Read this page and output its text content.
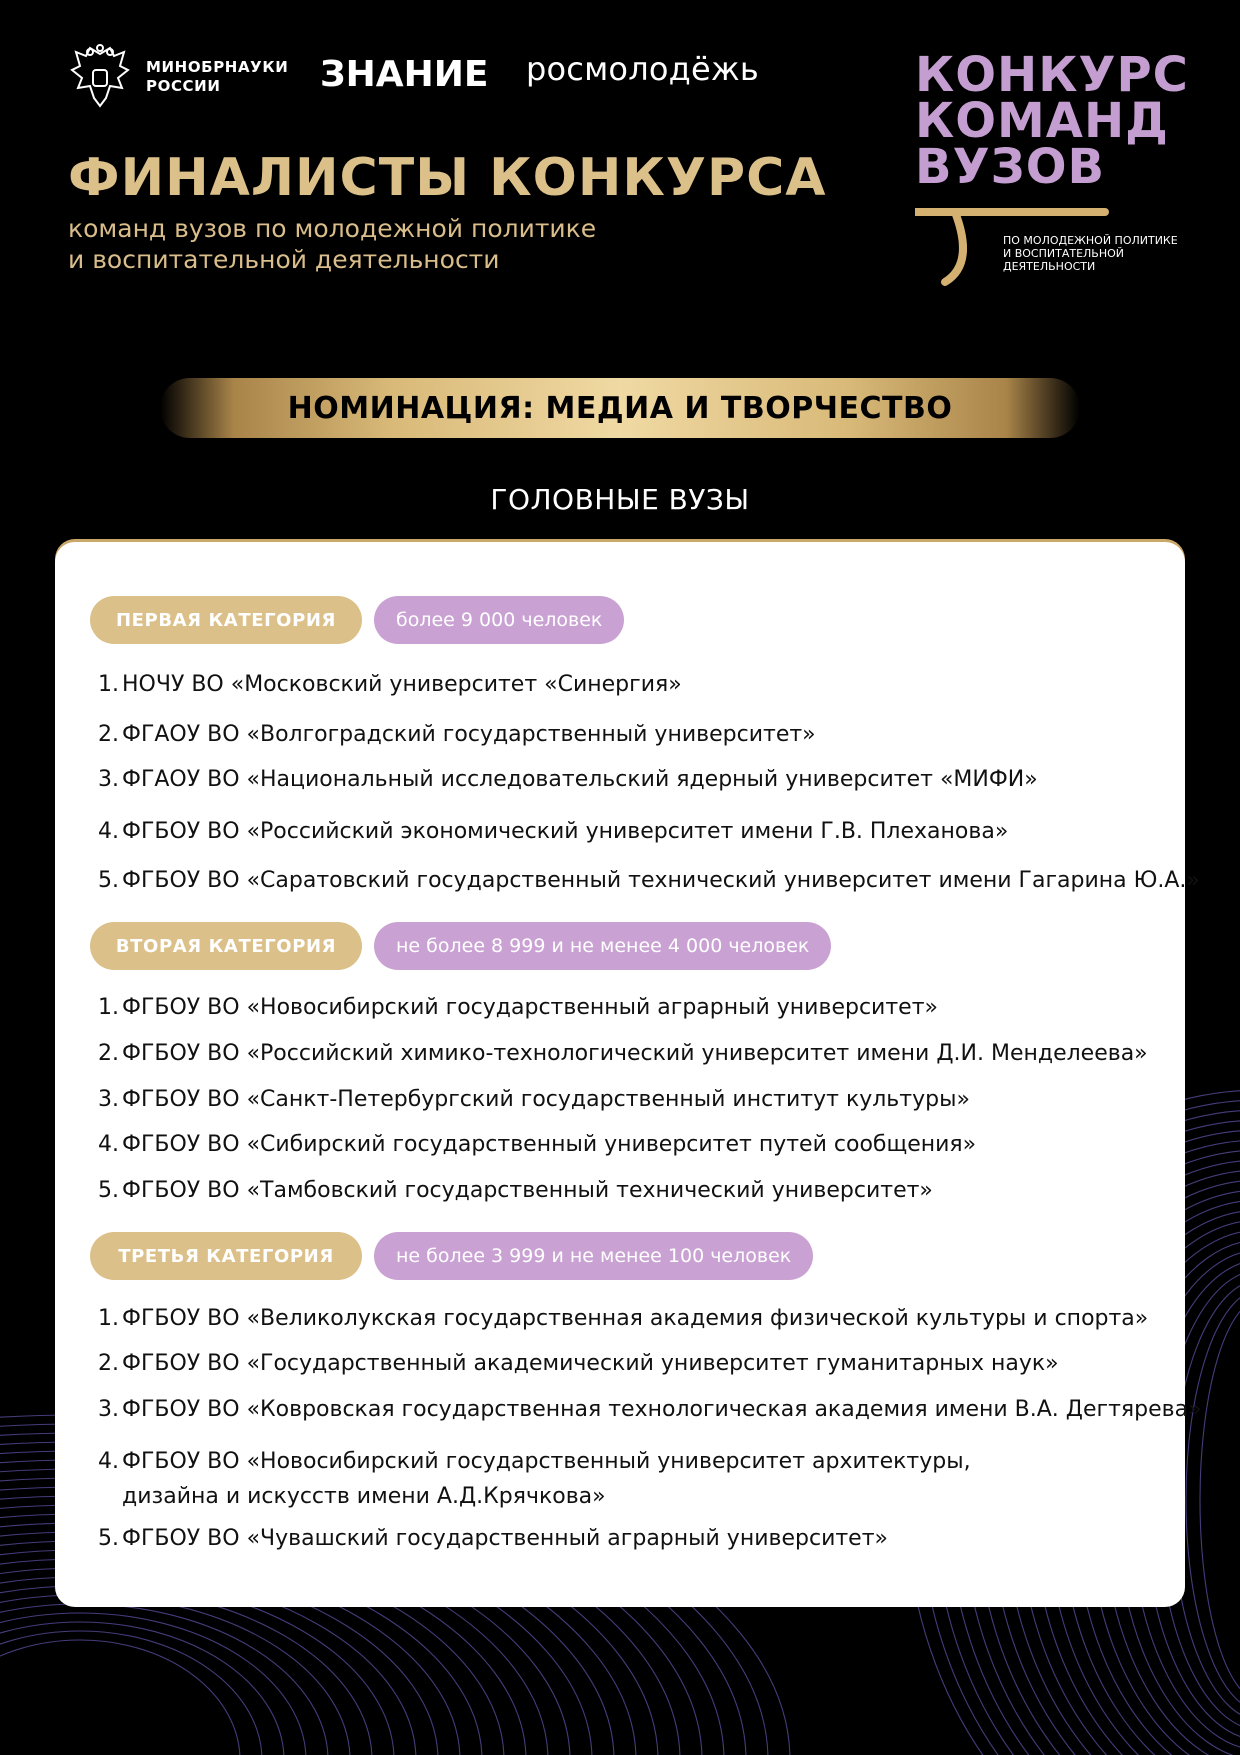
МИНОБРНАУКИ
РОССИИ	ЗНАНИЕ росмолодёжь	КОНКУРС
КОМАНД
ВУЗОВ
ПО МОЛОДЕЖНОЙ ПОЛИТИКЕ
И ВОСПИТАТЕЛЬНОЙ
ДЕЯТЕЛЬНОСТИ
ФИНАЛИСТЫ КОНКУРСА
команд вузов по молодежной политике
и воспитательной деятельности
НОМИНАЦИЯ: МЕДИА И ТВОРЧЕСТВО
ГОЛОВНЫЕ ВУЗЫ
ПЕРВАЯ КАТЕГОРИЯ	более 9 000 человек
1. НОЧУ ВО «Московский университет «Синергия»
2. ФГАОУ ВО «Волгоградский государственный университет»
3. ФГАОУ ВО «Национальный исследовательский ядерный университет «МИФИ»
4. ФГБОУ ВО «Российский экономический университет имени Г.В. Плеханова»
5. ФГБОУ ВО «Саратовский государственный технический университет имени Гагарина Ю.А.»
ВТОРАЯ КАТЕГОРИЯ	не более 8 999 и не менее 4 000 человек
1. ФГБОУ ВО «Новосибирский государственный аграрный университет»
2. ФГБОУ ВО «Российский химико-технологический университет имени Д.И. Менделеева»
3. ФГБОУ ВО «Санкт-Петербургский государственный институт культуры»
4. ФГБОУ ВО «Сибирский государственный университет путей сообщения»
5. ФГБОУ ВО «Тамбовский государственный технический университет»
ТРЕТЬЯ КАТЕГОРИЯ	не более 3 999 и не менее 100 человек
1. ФГБОУ ВО «Великолукская государственная академия физической культуры и спорта»
2. ФГБОУ ВО «Государственный академический университет гуманитарных наук»
3. ФГБОУ ВО «Ковровская государственная технологическая академия имени В.А. Дегтярева»
4. ФГБОУ ВО «Новосибирский государственный университет архитектуры,
дизайна и искусств имени А.Д.Крячкова»
5. ФГБОУ ВО «Чувашский государственный аграрный университет»
